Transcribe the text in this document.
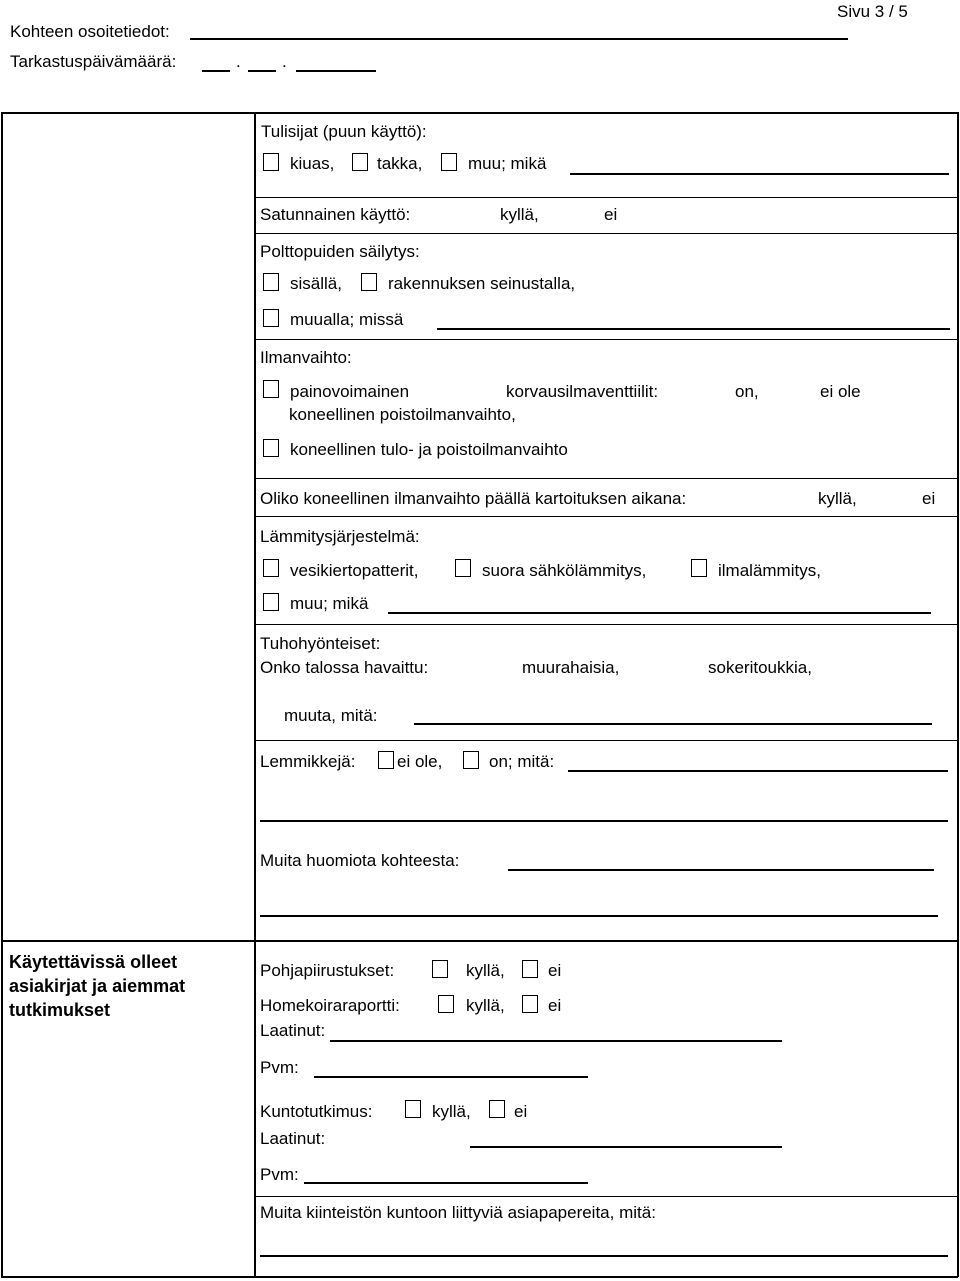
Sivu 3 / 5
Kohteen osoitetiedot:
Tarkastuspäivämäärä:	. .
Tulisijat (puun käyttö):
kiuas,	takka,	muu; mikä
Satunnainen käyttö:	kyllä,	ei
Polttopuiden säilytys:
sisällä,	rakennuksen seinustalla,
muualla; missä
Ilmanvaihto:
painovoimainen	korvausilmaventtiilit:	on,	ei ole
koneellinen poistoilmanvaihto,
koneellinen tulo- ja poistoilmanvaihto
Oliko koneellinen ilmanvaihto päällä kartoituksen aikana:	kyllä,	ei
Lämmitysjärjestelmä:
vesikiertopatterit,	suora sähkölämmitys,	ilmalämmitys,
muu; mikä
Tuhohyönteiset:
Onko talossa havaittu:	muurahaisia,	sokeritoukkia,
muuta, mitä:
Lemmikkejä: ei ole,	on; mitä:
Muita huomiota kohteesta:
Käytettävissä olleet
asiakirjat ja aiemmat
tutkimukset
Pohjapiirustukset:	kyllä,	ei
Homekoiraraportti:	kyllä,	ei
Laatinut:
Pvm:
Kuntotutkimus:	kyllä,	ei
Laatinut:
Pvm:
Muita kiinteistön kuntoon liittyviä asiapapereita, mitä:
